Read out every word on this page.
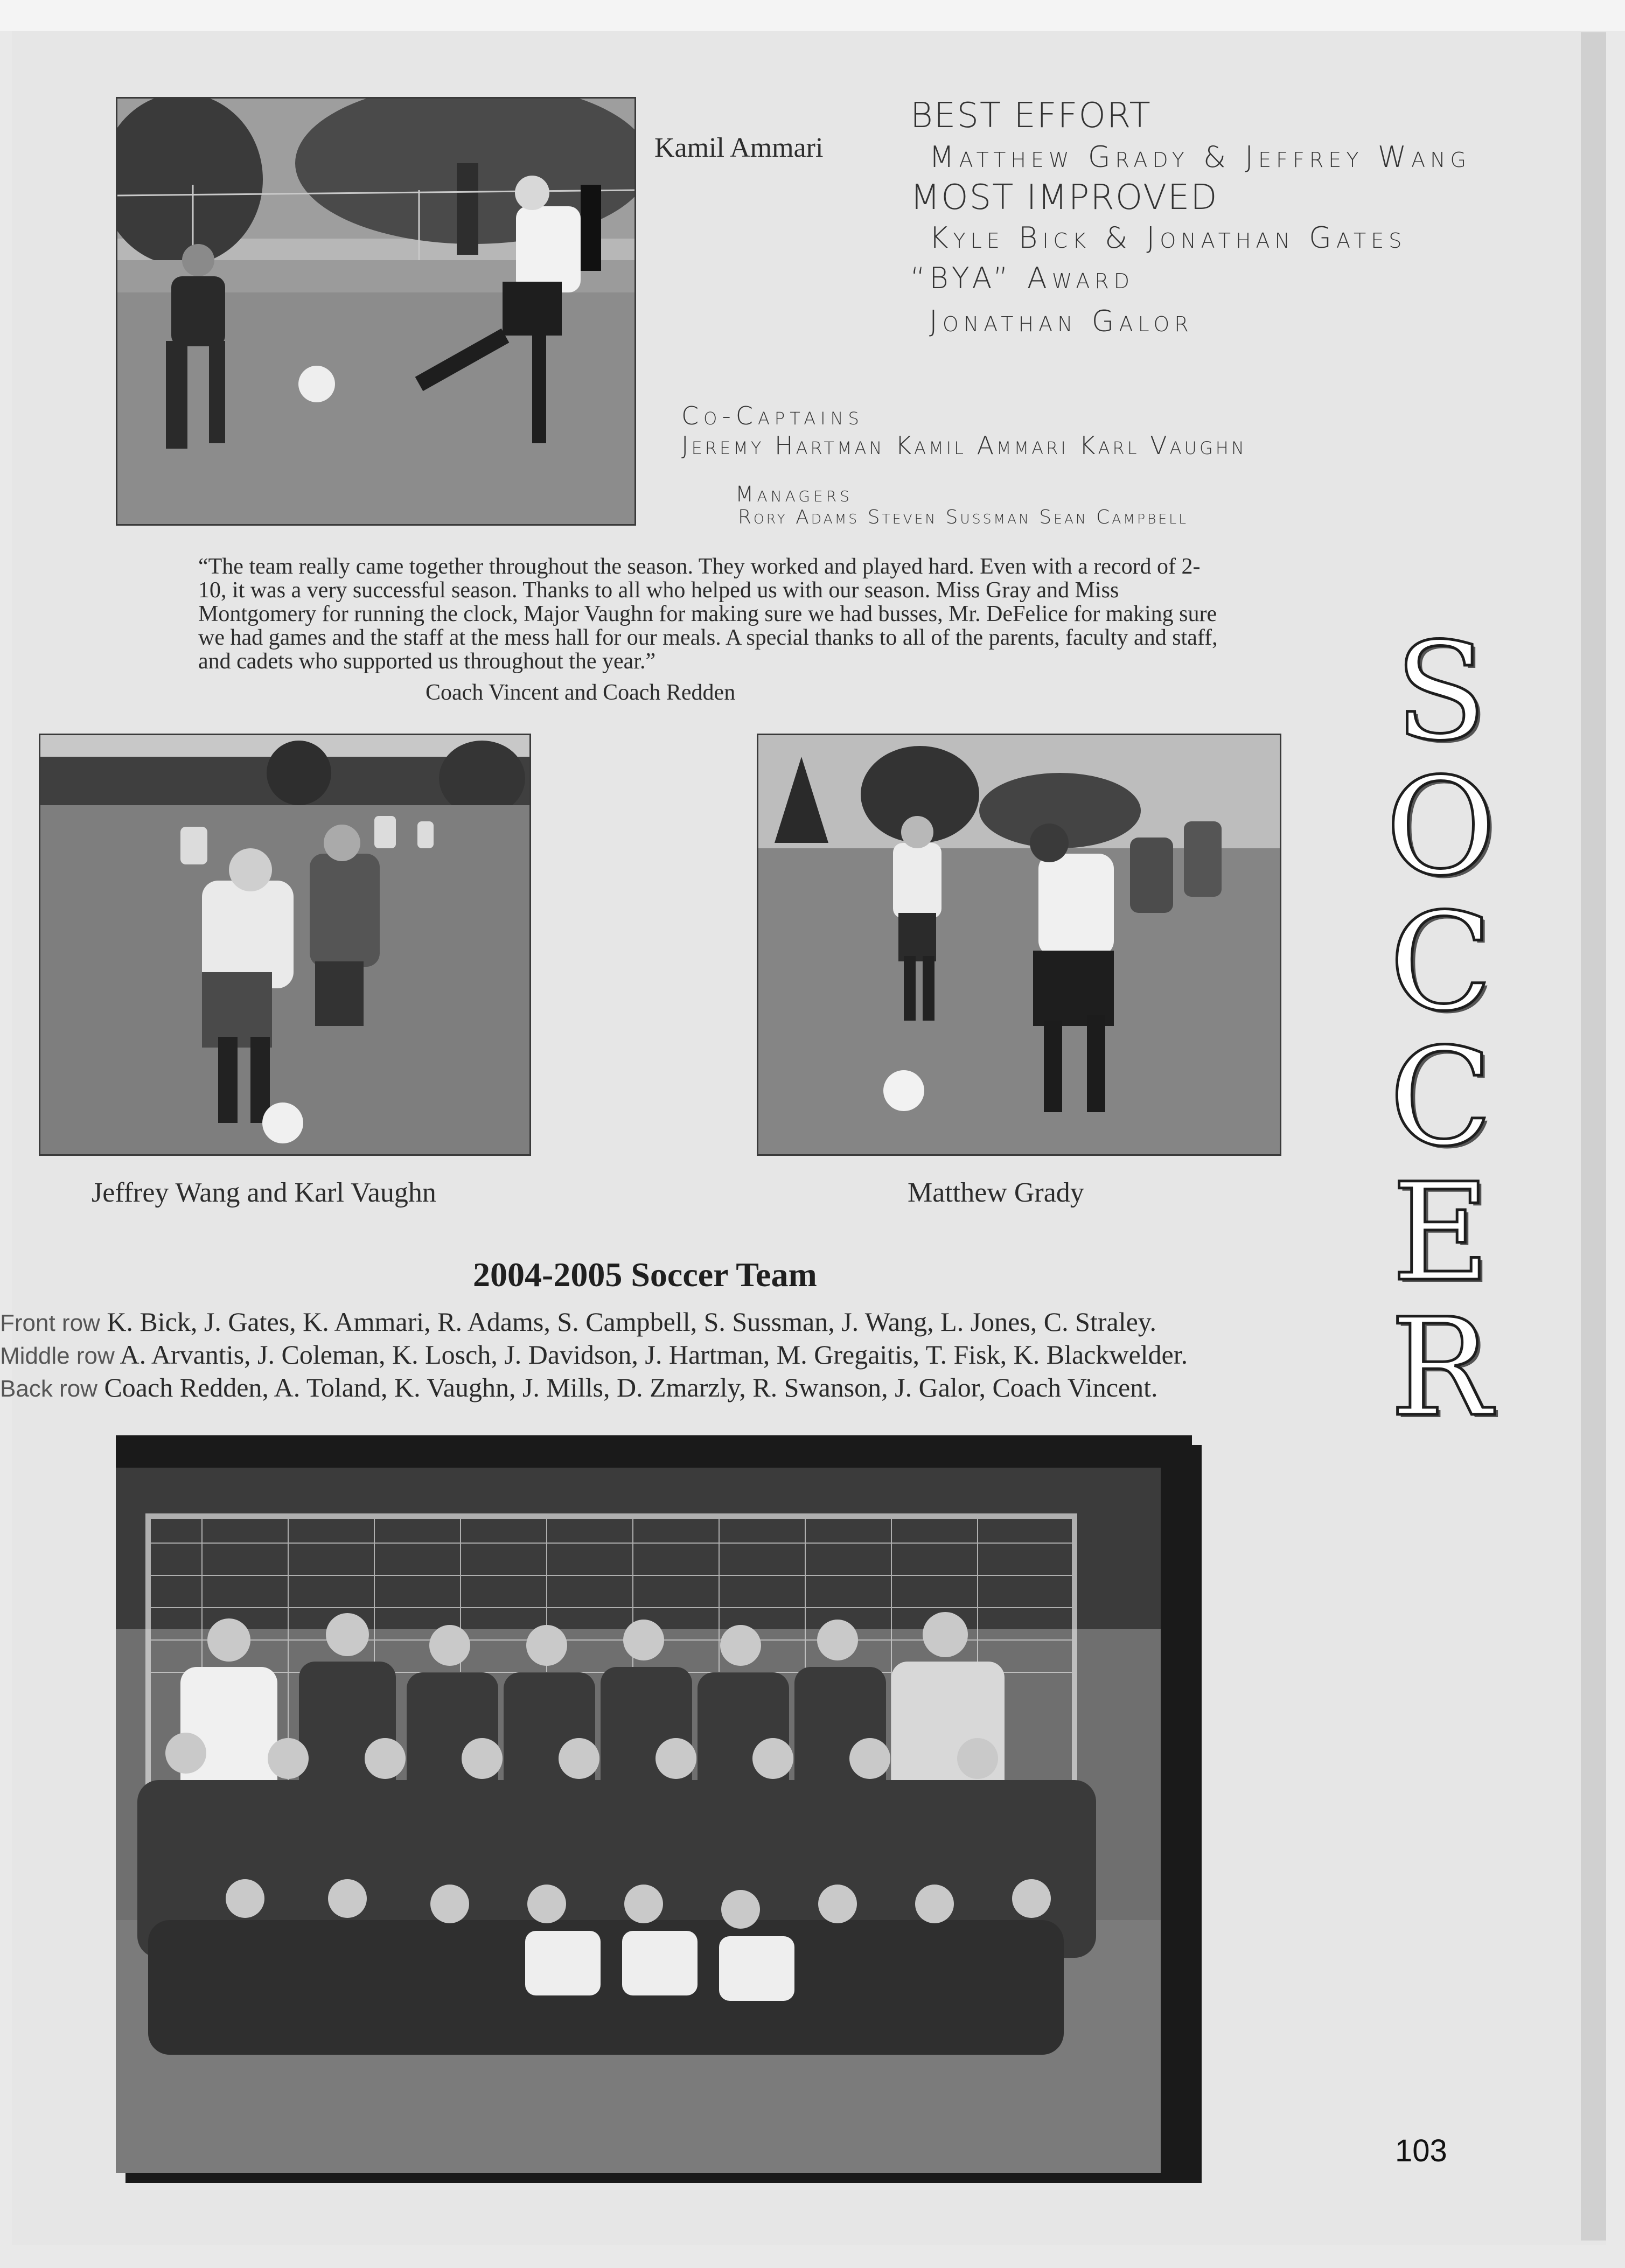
Kamil Ammari
BEST EFFORT
Matthew Grady & Jeffrey Wang
MOST IMPROVED
Kyle Bick & Jonathan Gates
“BYA” Award
Jonathan Galor
Co-Captains
Jeremy Hartman Kamil Ammari Karl Vaughn
Managers
Rory Adams Steven Sussman Sean Campbell
“The team really came together throughout the season. They worked and played hard. Even with a record of 2-10, it was a very successful season. Thanks to all who helped us with our season. Miss Gray and Miss Montgomery for running the clock, Major Vaughn for making sure we had busses, Mr. DeFelice for making sure we had games and the staff at the mess hall for our meals. A special thanks to all of the parents, faculty and staff, and cadets who supported us throughout the year.”
Coach Vincent and Coach Redden
Jeffrey Wang and Karl Vaughn	Matthew Grady
S
O
C
C
E
R
2004-2005 Soccer Team
Front row K. Bick, J. Gates, K. Ammari, R. Adams, S. Campbell, S. Sussman, J. Wang, L. Jones, C. Straley.
Middle row A. Arvantis, J. Coleman, K. Losch, J. Davidson, J. Hartman, M. Gregaitis, T. Fisk, K. Blackwelder.
Back row Coach Redden, A. Toland, K. Vaughn, J. Mills, D. Zmarzly, R. Swanson, J. Galor, Coach Vincent.
103
